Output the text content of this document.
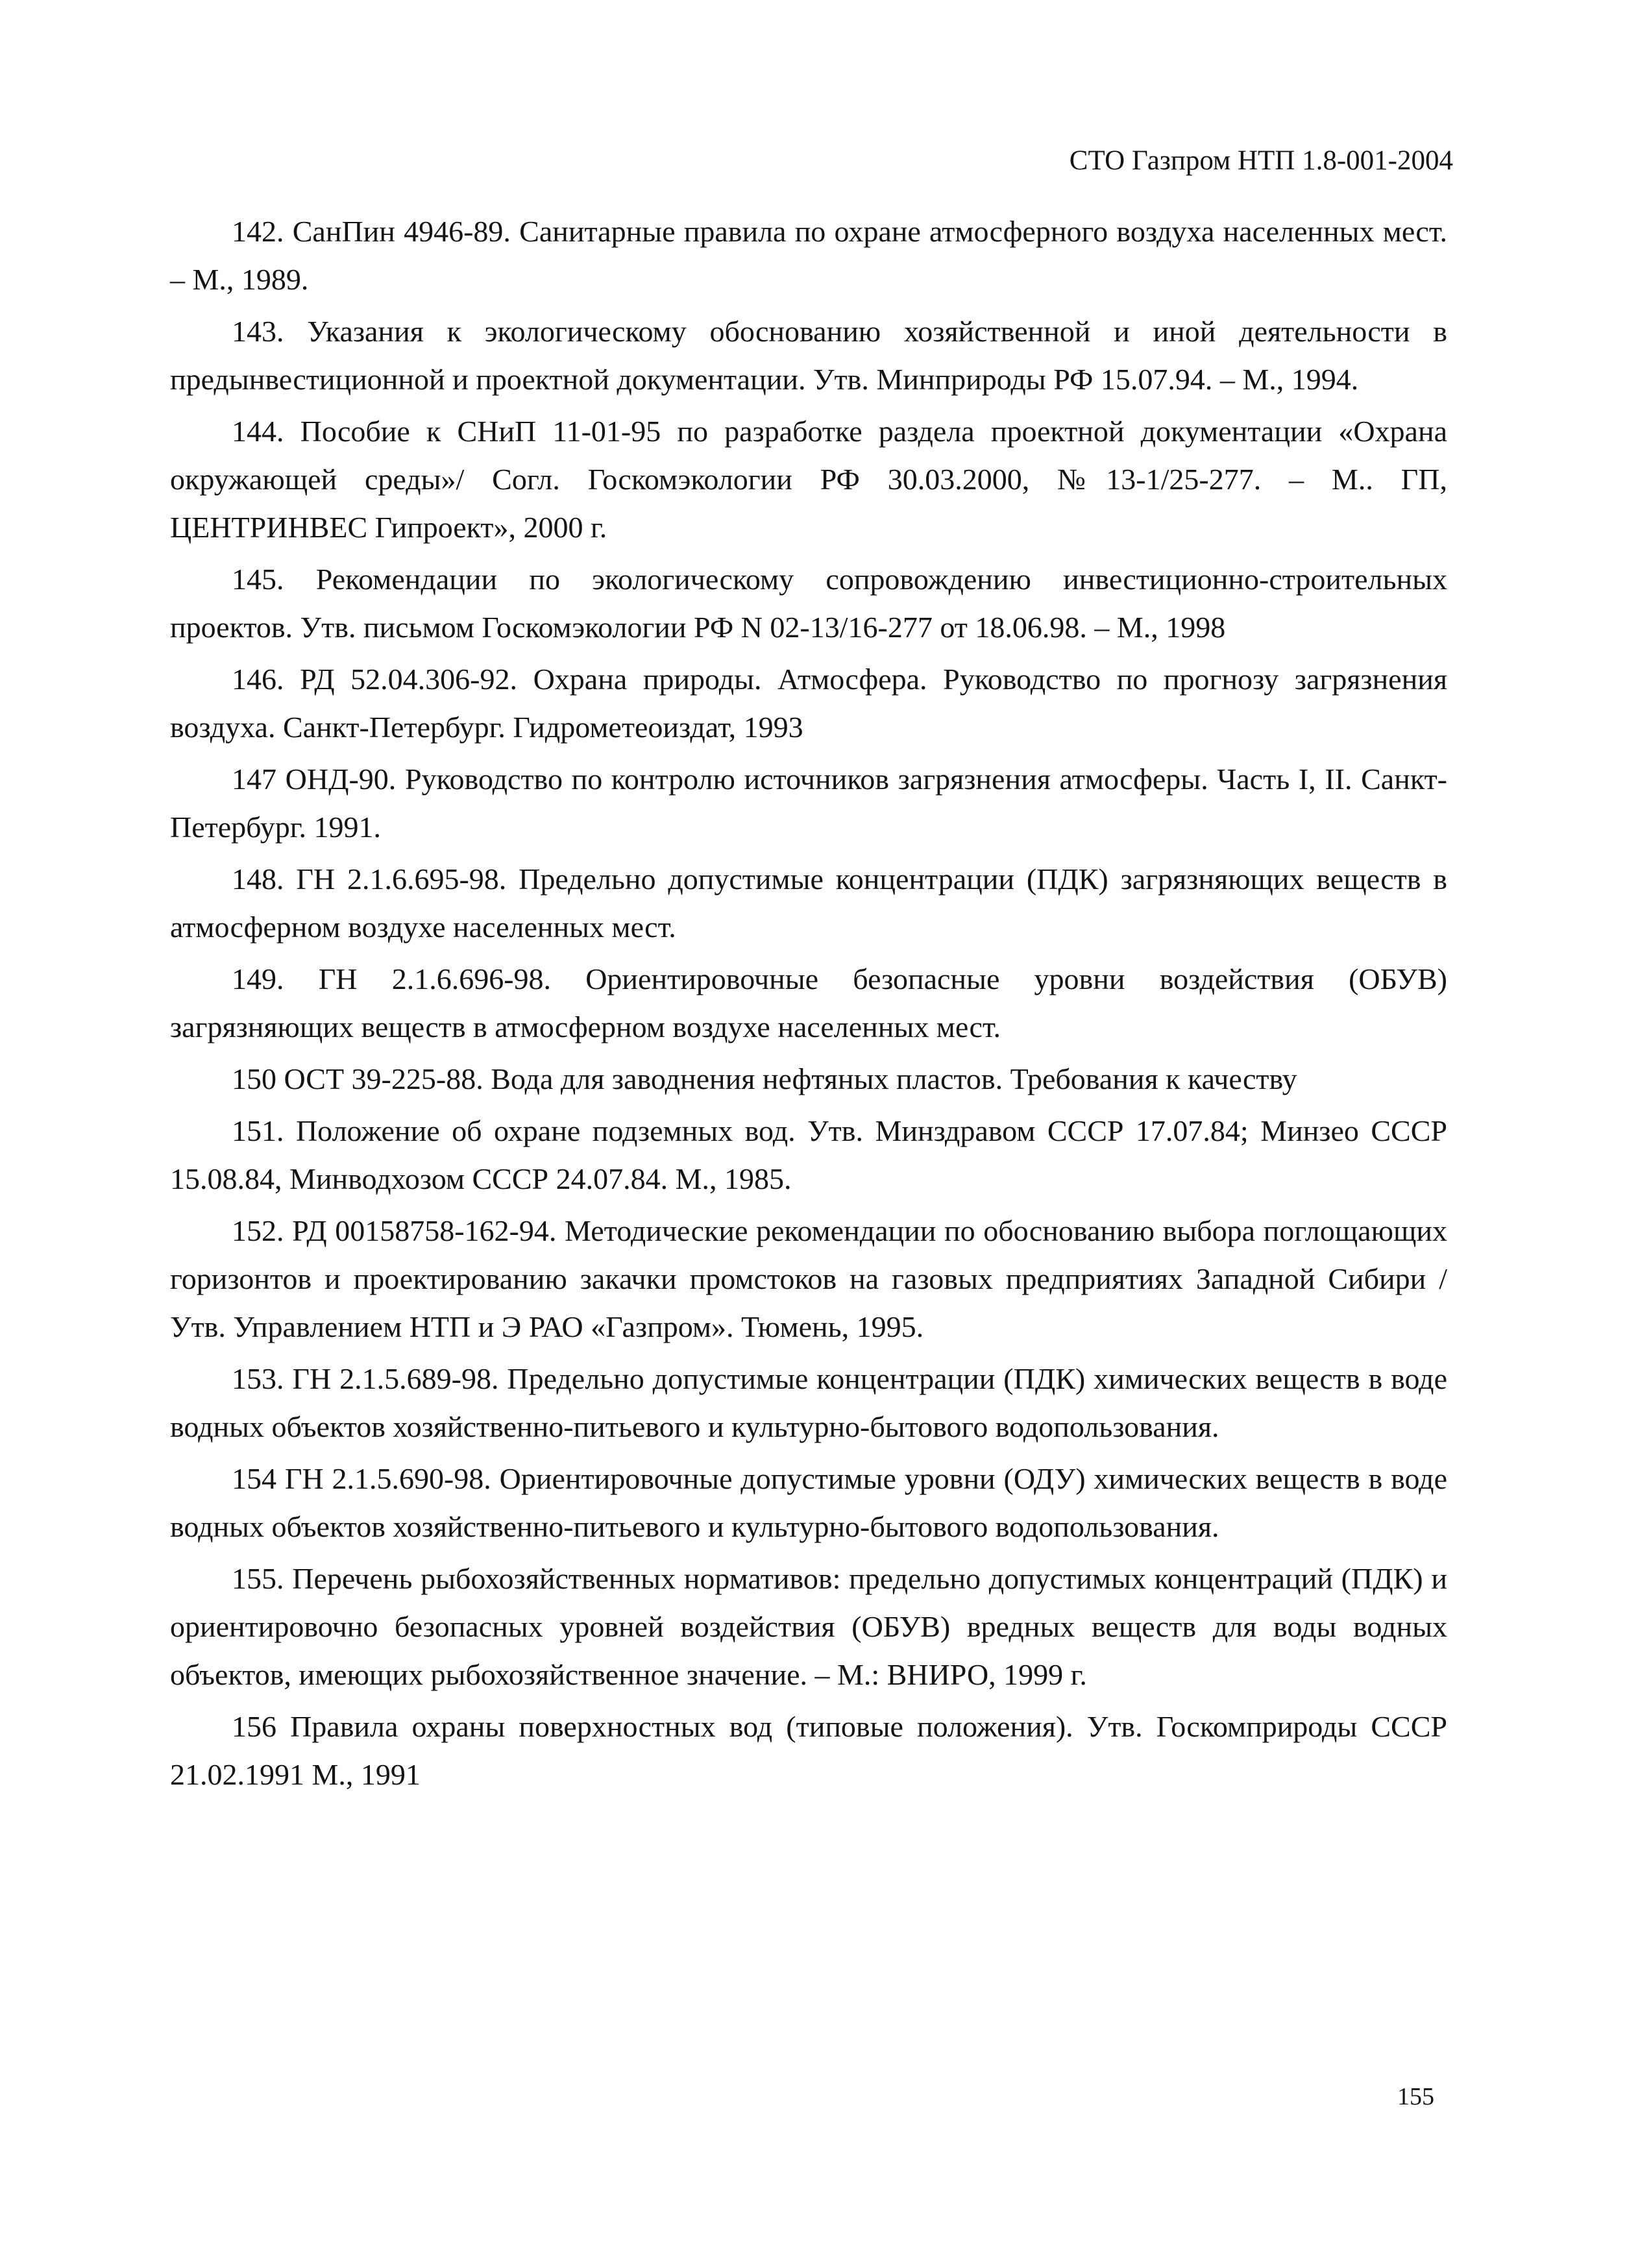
СТО Газпром НТП 1.8-001-2004

142. СанПин 4946-89. Санитарные правила по охране атмосферного воздуха населенных мест. – М., 1989.

143. Указания к экологическому обоснованию хозяйственной и иной деятельности в предынвестиционной и проектной документации. Утв. Минприроды РФ 15.07.94. – М., 1994.

144. Пособие к СНиП 11-01-95 по разработке раздела проектной документации «Охрана окружающей среды»/ Согл. Госкомэкологии РФ 30.03.2000, №13-1/25-277. – М.. ГП, ЦЕНТРИНВЕС Гипроект», 2000 г.

145. Рекомендации по экологическому сопровождению инвестиционно-строительных проектов. Утв. письмом Госкомэкологии РФ N 02-13/16-277 от 18.06.98. – М., 1998

146. РД 52.04.306-92. Охрана природы. Атмосфера. Руководство по прогнозу загрязнения воздуха. Санкт-Петербург. Гидрометеоиздат, 1993

147 ОНД-90. Руководство по контролю источников загрязнения атмосферы. Часть I, II. Санкт-Петербург. 1991.

148. ГН 2.1.6.695-98. Предельно допустимые концентрации (ПДК) загрязняющих веществ в атмосферном воздухе населенных мест.

149. ГН 2.1.6.696-98. Ориентировочные безопасные уровни воздействия (ОБУВ) загрязняющих веществ в атмосферном воздухе населенных мест.

150 ОСТ 39-225-88. Вода для заводнения нефтяных пластов. Требования к качеству

151. Положение об охране подземных вод. Утв. Минздравом СССР 17.07.84; Минзео СССР 15.08.84, Минводхозом СССР 24.07.84. М., 1985.

152. РД 00158758-162-94. Методические рекомендации по обоснованию выбора поглощающих горизонтов и проектированию закачки промстоков на газовых предприятиях Западной Сибири / Утв. Управлением НТП и Э РАО «Газпром». Тюмень, 1995.

153. ГН 2.1.5.689-98. Предельно допустимые концентрации (ПДК) химических веществ в воде водных объектов хозяйственно-питьевого и культурно-бытового водопользования.

154 ГН 2.1.5.690-98. Ориентировочные допустимые уровни (ОДУ) химических веществ в воде водных объектов хозяйственно-питьевого и культурно-бытового водопользования.

155. Перечень рыбохозяйственных нормативов: предельно допустимых концентраций (ПДК) и ориентировочно безопасных уровней воздействия (ОБУВ) вредных веществ для воды водных объектов, имеющих рыбохозяйственное значение. – М.: ВНИРО, 1999 г.

156 Правила охраны поверхностных вод (типовые положения). Утв. Госкомприроды СССР 21.02.1991 М., 1991

155
